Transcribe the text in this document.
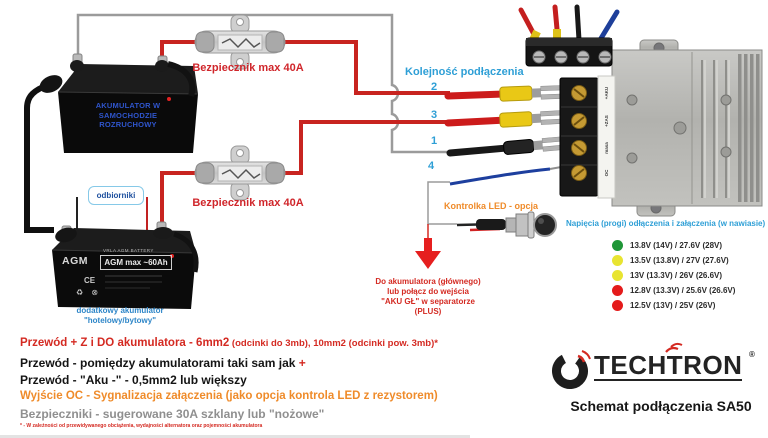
Bezpiecznik max 40A
Bezpiecznik max 40A
AKUMULATOR W
SAMOCHODZIE
ROZRUCHOWY
odbiorniki
AGM
VRLA AGM BATTERY
AGM max ~60Ah
CE
♻ ⊗
dodatkowy akumulator
"hotelowy/bytowy"
Kolejność podłączenia
2
3
1
4
Kontrolka LED - opcja
Do akumulatora (głównego)
lub połącz do wejścia
"AKU GŁ" w separatorze
(PLUS)
+AKU
+ZAS
masa
OC
Napięcia (progi) odłączenia i załączenia (w nawiasie)
13.8V (14V) / 27.6V (28V)
13.5V (13.8V) / 27V (27.6V)
13V (13.3V) / 26V (26.6V)
12.8V (13.3V) / 25.6V (26.6V)
12.5V (13V) / 25V (26V)
Przewód + Z i DO akumulatora - 6mm2 (odcinki do 3mb), 10mm2 (odcinki pow. 3mb)*
Przewód - pomiędzy akumulatorami taki sam jak +
Przewód - "Aku -" - 0,5mm2 lub większy
Wyjście OC - Sygnalizacja załączenia (jako opcja kontrola LED z rezystorem)
Bezpieczniki - sugerowane 30A szklany lub "nożowe"
* - W zależności od przewidywanego obciążenia, wydajności alternatora oraz pojemności akumulatora
TECHTRON ®
Schemat podłączenia SA50
